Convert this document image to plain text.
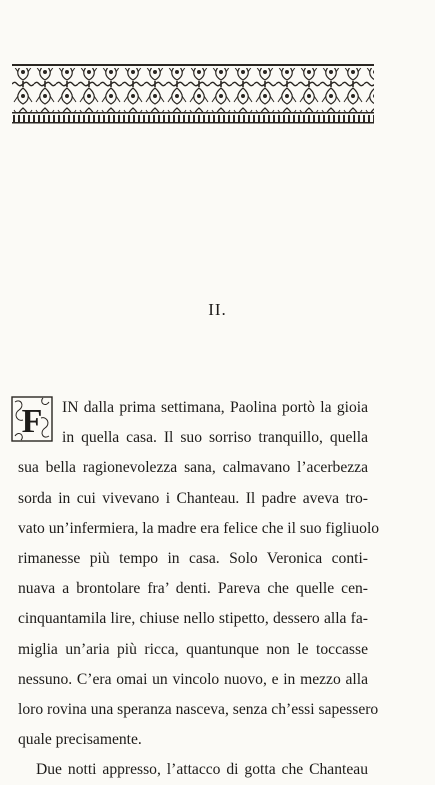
II.
F	IN dalla prima settimana, Paolina portò la gioia
in quella casa. Il suo sorriso tranquillo, quella
sua bella ragionevolezza sana, calmavano l’acerbezza
sorda in cui vivevano i Chanteau. Il padre aveva tro-
vato un’infermiera, la madre era felice che il suo figliuolo
rimanesse più tempo in casa. Solo Veronica conti-
nuava a brontolare fra’ denti. Pareva che quelle cen-
cinquantamila lire, chiuse nello stipetto, dessero alla fa-
miglia un’aria più ricca, quantunque non le toccasse
nessuno. C’era omai un vincolo nuovo, e in mezzo alla
loro rovina una speranza nasceva, senza ch’essi sapessero
quale precisamente.
Due notti appresso, l’attacco di gotta che Chanteau
